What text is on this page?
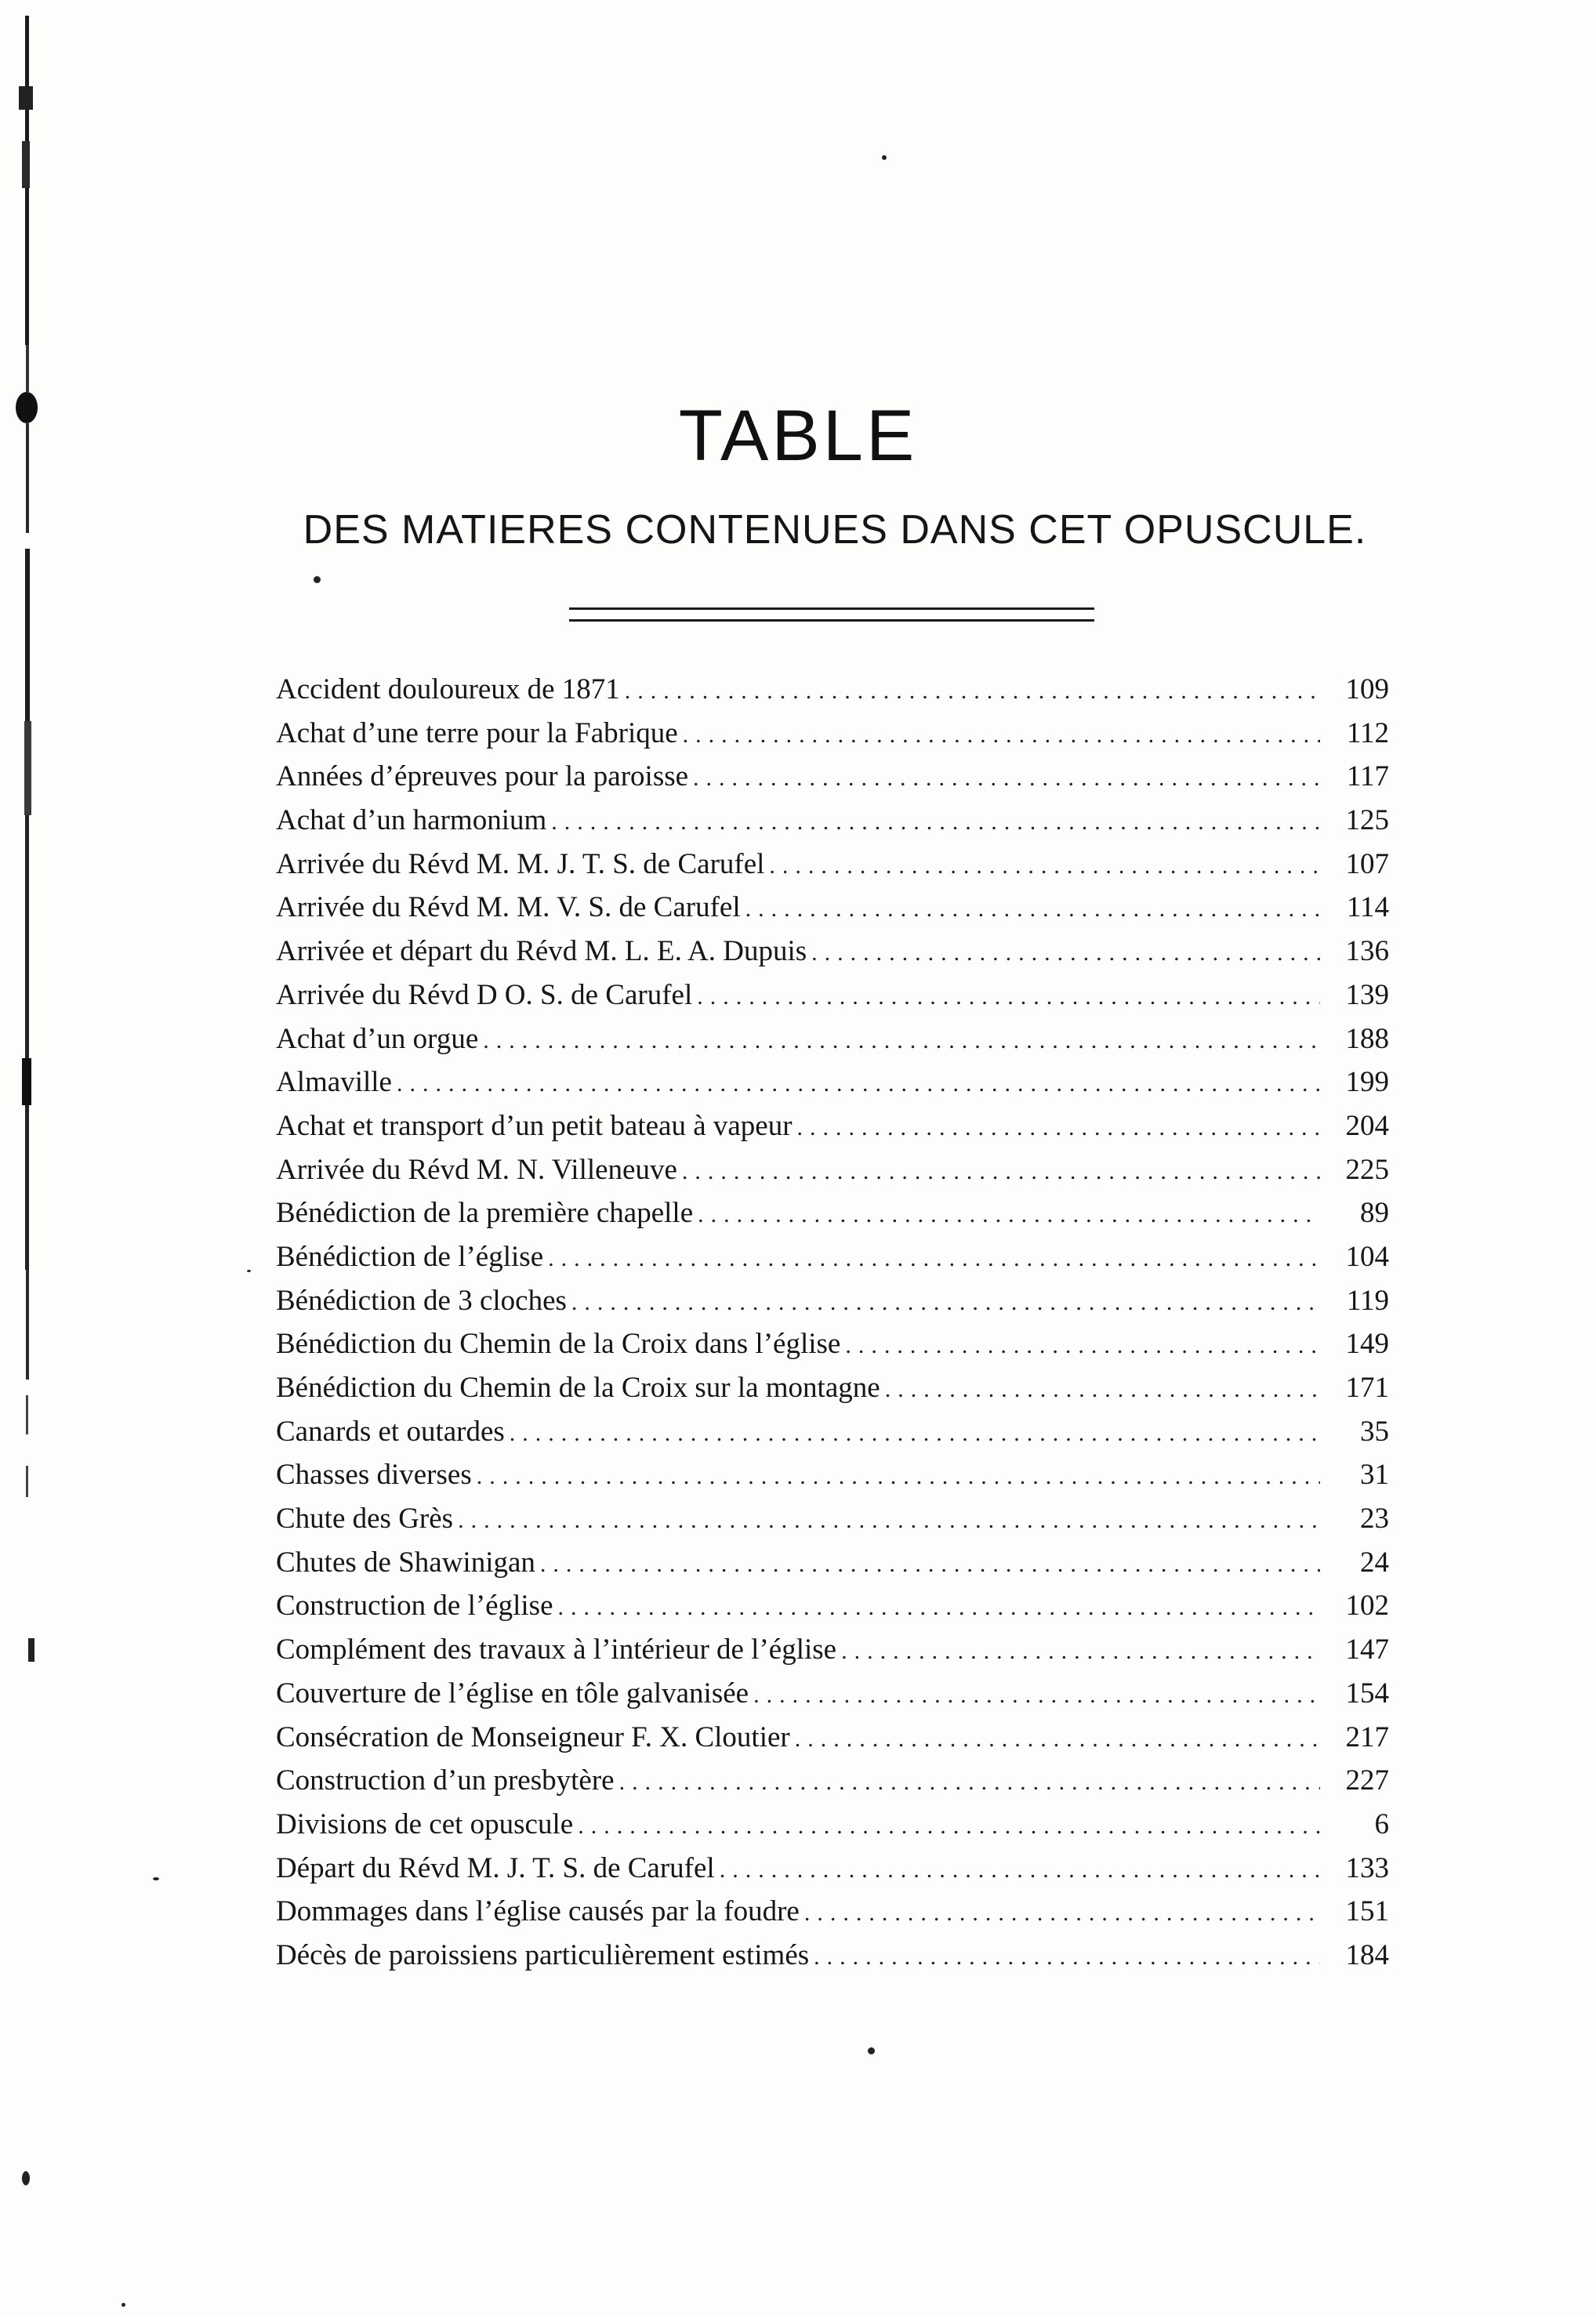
TABLE
DES MATIERES CONTENUES DANS CET OPUSCULE.
Accident douloureux de 1871 .....	109
Achat d’une terre pour la Fabrique .....	112
Années d’épreuves pour la paroisse .....	117
Achat d’un harmonium .....	125
Arrivée du Révd M. M. J. T. S. de Carufel .....	107
Arrivée du Révd M. M. V. S. de Carufel .....	114
Arrivée et départ du Révd M. L. E. A. Dupuis .....	136
Arrivée du Révd D O. S. de Carufel .....	139
Achat d’un orgue .....	188
Almaville .....	199
Achat et transport d’un petit bateau à vapeur .....	204
Arrivée du Révd M. N. Villeneuve .....	225
Bénédiction de la première chapelle .....	89
Bénédiction de l’église .....	104
Bénédiction de 3 cloches .....	119
Bénédiction du Chemin de la Croix dans l’église .....	149
Bénédiction du Chemin de la Croix sur la montagne .....	171
Canards et outardes .....	35
Chasses diverses .....	31
Chute des Grès .....	23
Chutes de Shawinigan .....	24
Construction de l’église .....	102
Complément des travaux à l’intérieur de l’église .....	147
Couverture de l’église en tôle galvanisée .....	154
Consécration de Monseigneur F. X. Cloutier .....	217
Construction d’un presbytère .....	227
Divisions de cet opuscule .....	6
Départ du Révd M. J. T. S. de Carufel .....	133
Dommages dans l’église causés par la foudre .....	151
Décès de paroissiens particulièrement estimés .....	184
